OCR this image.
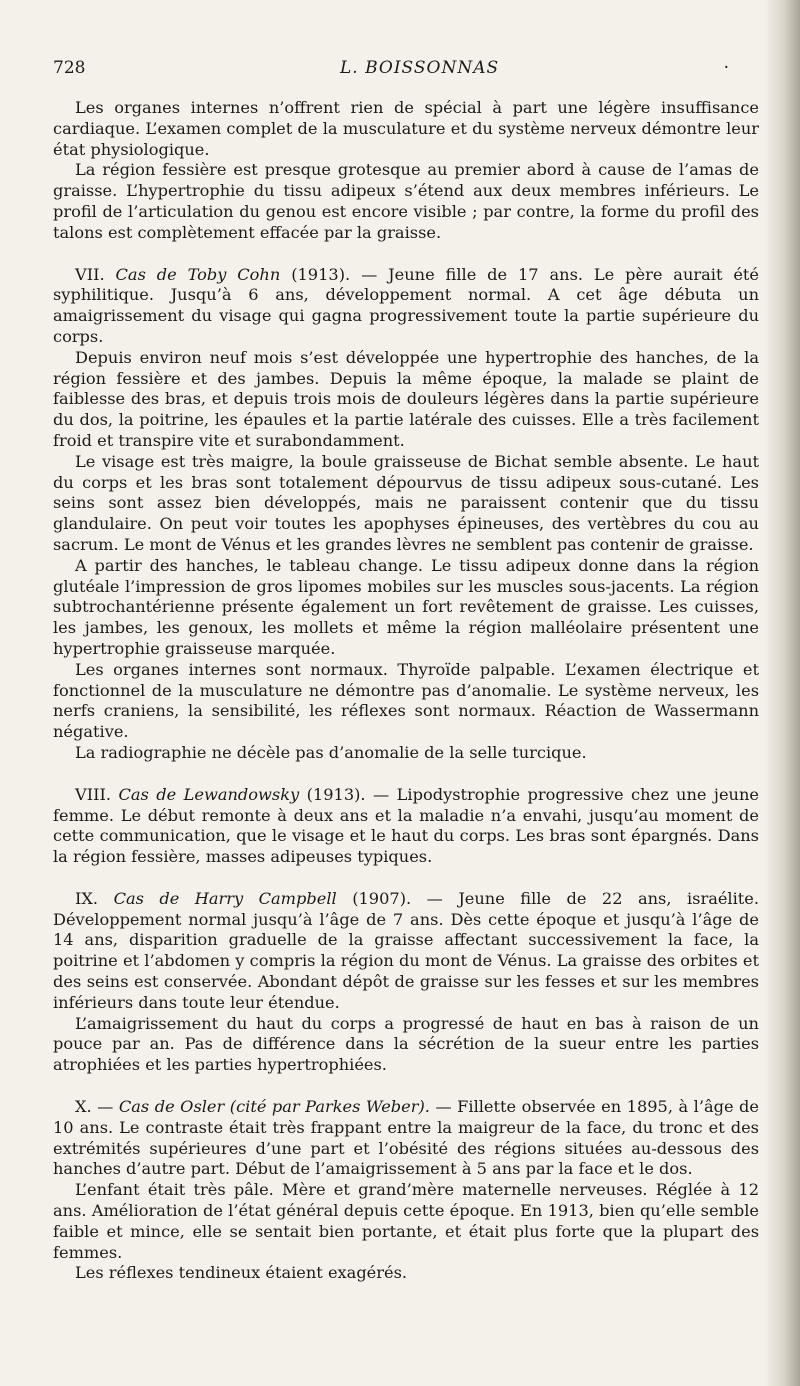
728	L. BOISSONNAS	·

Les organes internes n’offrent rien de spécial à part une légère insuffisance cardiaque. L’examen complet de la musculature et du système nerveux démontre leur état physiologique.

La région fessière est presque grotesque au premier abord à cause de l’amas de graisse. L’hypertrophie du tissu adipeux s’étend aux deux membres inférieurs. Le profil de l’articulation du genou est encore visible ; par contre, la forme du profil des talons est complètement effacée par la graisse.

VII. Cas de Toby Cohn (1913). — Jeune fille de 17 ans. Le père aurait été syphilitique. Jusqu’à 6 ans, développement normal. A cet âge débuta un amaigrissement du visage qui gagna progressivement toute la partie supérieure du corps.

Depuis environ neuf mois s’est développée une hypertrophie des hanches, de la région fessière et des jambes. Depuis la même époque, la malade se plaint de faiblesse des bras, et depuis trois mois de douleurs légères dans la partie supérieure du dos, la poitrine, les épaules et la partie latérale des cuisses. Elle a très facilement froid et transpire vite et surabondamment.

Le visage est très maigre, la boule graisseuse de Bichat semble absente. Le haut du corps et les bras sont totalement dépourvus de tissu adipeux sous-cutané. Les seins sont assez bien développés, mais ne paraissent contenir que du tissu glandulaire. On peut voir toutes les apophyses épineuses, des vertèbres du cou au sacrum. Le mont de Vénus et les grandes lèvres ne semblent pas contenir de graisse.

A partir des hanches, le tableau change. Le tissu adipeux donne dans la région glutéale l’impression de gros lipomes mobiles sur les muscles sous-jacents. La région subtrochantérienne présente également un fort revêtement de graisse. Les cuisses, les jambes, les genoux, les mollets et même la région malléolaire présentent une hypertrophie graisseuse marquée.

Les organes internes sont normaux. Thyroïde palpable. L’examen électrique et fonctionnel de la musculature ne démontre pas d’anomalie. Le système nerveux, les nerfs craniens, la sensibilité, les réflexes sont normaux. Réaction de Wassermann négative.

La radiographie ne décèle pas d’anomalie de la selle turcique.

VIII. Cas de Lewandowsky (1913). — Lipodystrophie progressive chez une jeune femme. Le début remonte à deux ans et la maladie n’a envahi, jusqu’au moment de cette communication, que le visage et le haut du corps. Les bras sont épargnés. Dans la région fessière, masses adipeuses typiques.

IX. Cas de Harry Campbell (1907). — Jeune fille de 22 ans, israélite. Développement normal jusqu’à l’âge de 7 ans. Dès cette époque et jusqu’à l’âge de 14 ans, disparition graduelle de la graisse affectant successivement la face, la poitrine et l’abdomen y compris la région du mont de Vénus. La graisse des orbites et des seins est conservée. Abondant dépôt de graisse sur les fesses et sur les membres inférieurs dans toute leur étendue.

L’amaigrissement du haut du corps a progressé de haut en bas à raison de un pouce par an. Pas de différence dans la sécrétion de la sueur entre les parties atrophiées et les parties hypertrophiées.

X. — Cas de Osler (cité par Parkes Weber). — Fillette observée en 1895, à l’âge de 10 ans. Le contraste était très frappant entre la maigreur de la face, du tronc et des extrémités supérieures d’une part et l’obésité des régions situées au-dessous des hanches d’autre part. Début de l’amaigrissement à 5 ans par la face et le dos.

L’enfant était très pâle. Mère et grand’mère maternelle nerveuses. Réglée à 12 ans. Amélioration de l’état général depuis cette époque. En 1913, bien qu’elle semble faible et mince, elle se sentait bien portante, et était plus forte que la plupart des femmes.

Les réflexes tendineux étaient exagérés.
